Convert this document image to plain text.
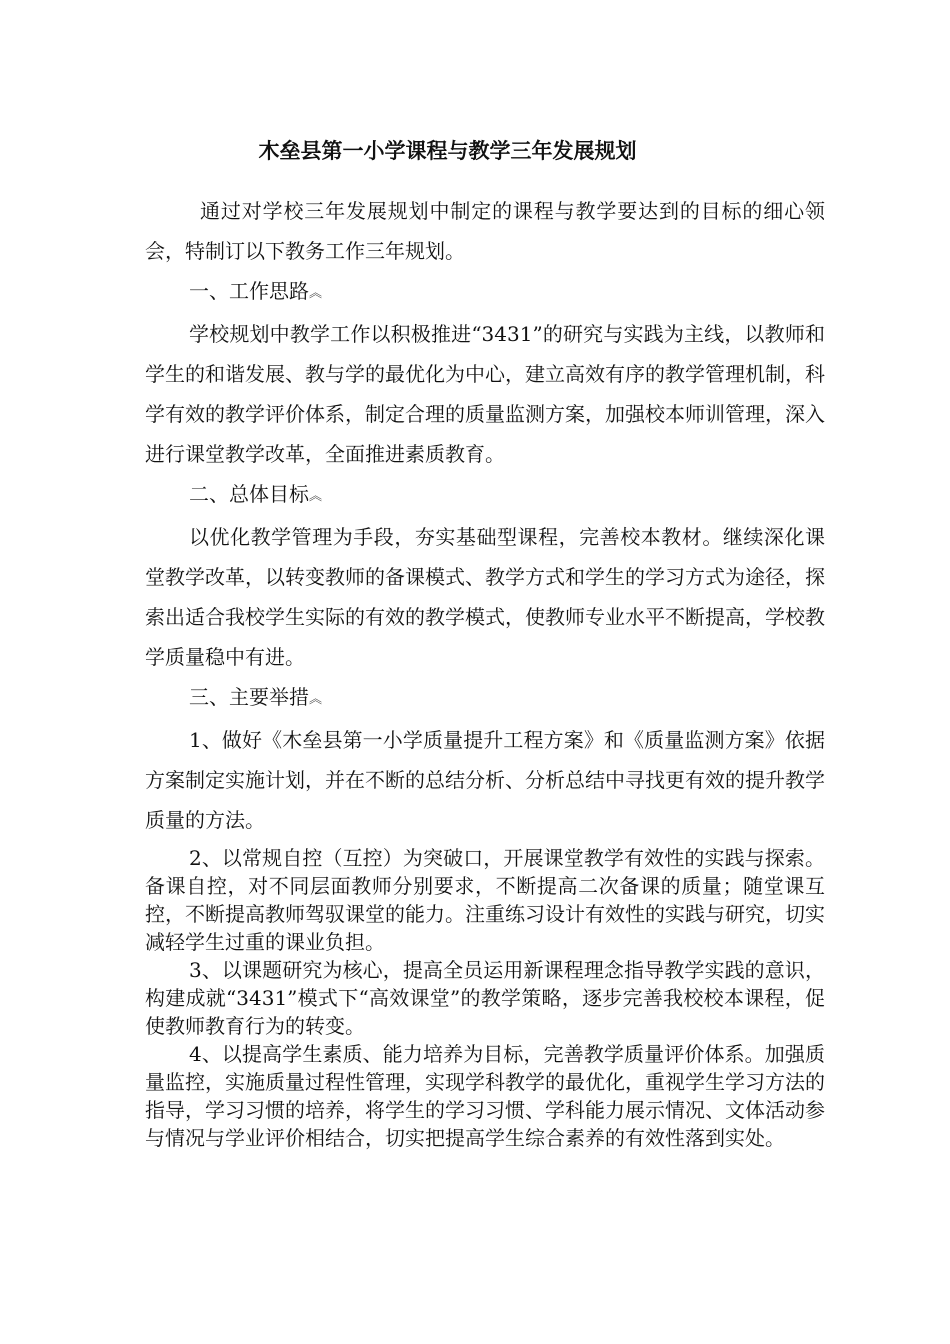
木垒县第一小学课程与教学三年发展规划

通过对学校三年发展规划中制定的课程与教学要达到的目标的细心领会，特制订以下教务工作三年规划。

一、工作思路︽

学校规划中教学工作以积极推进“3431”的研究与实践为主线，以教师和学生的和谐发展、教与学的最优化为中心，建立高效有序的教学管理机制，科学有效的教学评价体系，制定合理的质量监测方案，加强校本师训管理，深入进行课堂教学改革，全面推进素质教育。

二、总体目标︽

以优化教学管理为手段，夯实基础型课程，完善校本教材。继续深化课堂教学改革，以转变教师的备课模式、教学方式和学生的学习方式为途径，探索出适合我校学生实际的有效的教学模式，使教师专业水平不断提高，学校教学质量稳中有进。

三、主要举措︽

1、做好《木垒县第一小学质量提升工程方案》和《质量监测方案》依据方案制定实施计划，并在不断的总结分析、分析总结中寻找更有效的提升教学质量的方法。

2、以常规自控（互控）为突破口，开展课堂教学有效性的实践与探索。备课自控，对不同层面教师分别要求，不断提高二次备课的质量；随堂课互控，不断提高教师驾驭课堂的能力。注重练习设计有效性的实践与研究，切实减轻学生过重的课业负担。

3、以课题研究为核心，提高全员运用新课程理念指导教学实践的意识，构建成就“3431”模式下“高效课堂”的教学策略，逐步完善我校校本课程，促使教师教育行为的转变。

4、以提高学生素质、能力培养为目标，完善教学质量评价体系。加强质量监控，实施质量过程性管理，实现学科教学的最优化，重视学生学习方法的指导，学习习惯的培养，将学生的学习习惯、学科能力展示情况、文体活动参与情况与学业评价相结合，切实把提高学生综合素养的有效性落到实处。
